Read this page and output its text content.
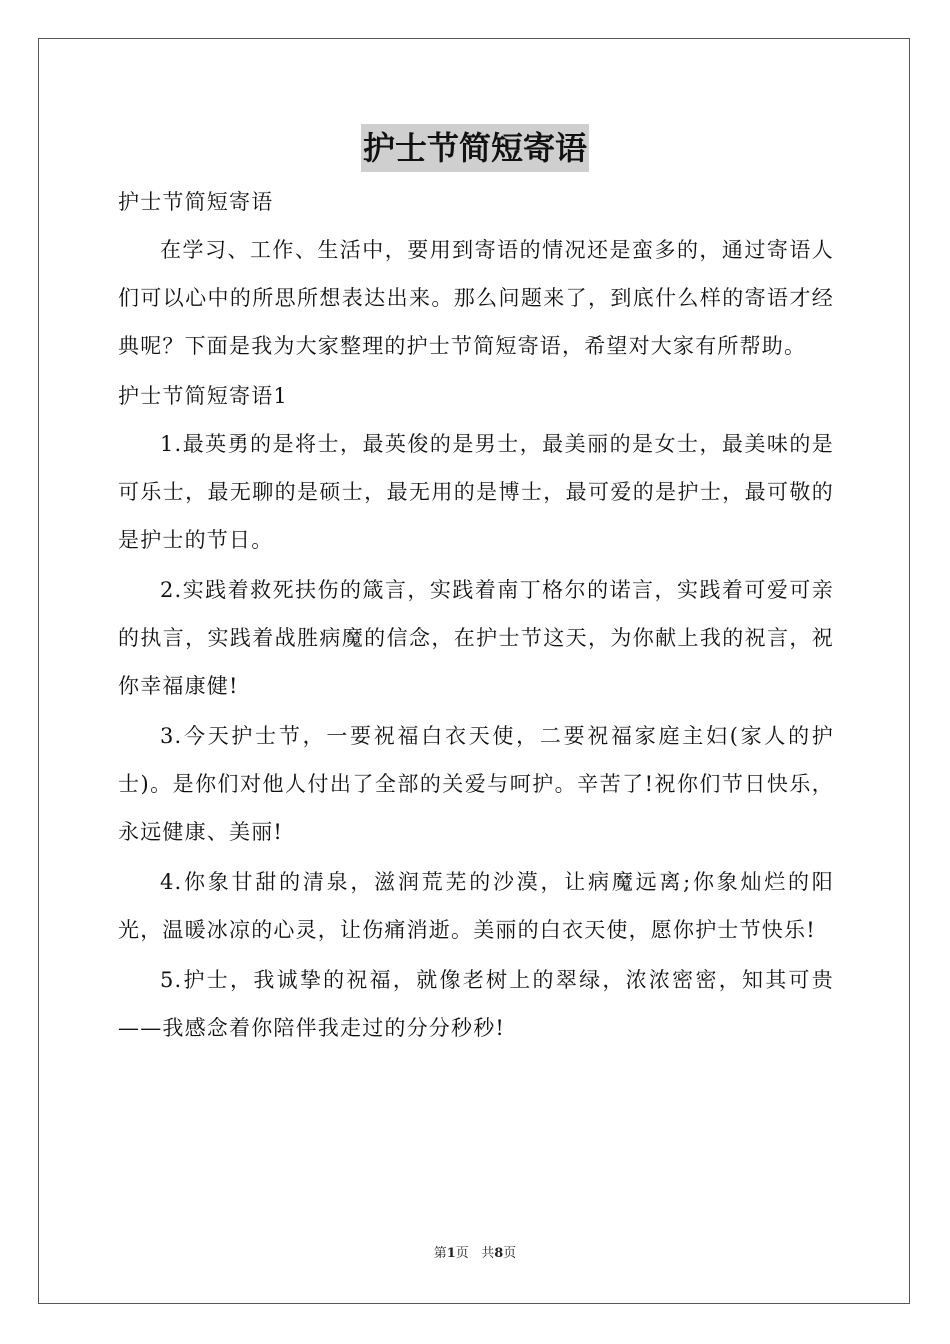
护士节简短寄语

护士节简短寄语

在学习、工作、生活中，要用到寄语的情况还是蛮多的，通过寄语人们可以心中的所思所想表达出来。那么问题来了，到底什么样的寄语才经典呢？下面是我为大家整理的护士节简短寄语，希望对大家有所帮助。

护士节简短寄语1

1.最英勇的是将士，最英俊的是男士，最美丽的是女士，最美味的是可乐士，最无聊的是硕士，最无用的是博士，最可爱的是护士，最可敬的是护士的节日。

2.实践着救死扶伤的箴言，实践着南丁格尔的诺言，实践着可爱可亲的执言，实践着战胜病魔的信念，在护士节这天，为你献上我的祝言，祝你幸福康健!

3.今天护士节，一要祝福白衣天使，二要祝福家庭主妇(家人的护士)。是你们对他人付出了全部的关爱与呵护。辛苦了!祝你们节日快乐，永远健康、美丽!

4.你象甘甜的清泉，滋润荒芜的沙漠，让病魔远离;你象灿烂的阳光，温暖冰凉的心灵，让伤痛消逝。美丽的白衣天使，愿你护士节快乐!

5.护士，我诚挚的祝福，就像老树上的翠绿，浓浓密密，知其可贵——我感念着你陪伴我走过的分分秒秒!

第1页 共8页
